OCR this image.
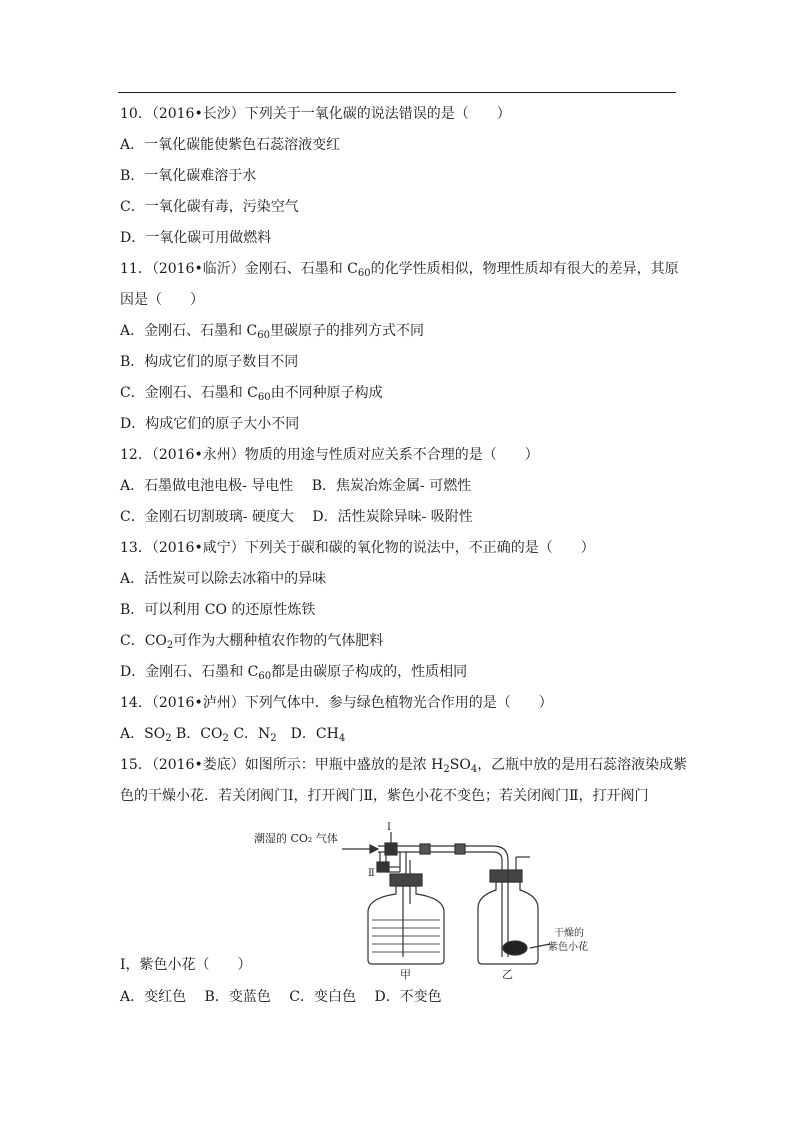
10．（2016•长沙）下列关于一氧化碳的说法错误的是（　　）
A．一氧化碳能使紫色石蕊溶液变红
B．一氧化碳难溶于水
C．一氧化碳有毒，污染空气
D．一氧化碳可用做燃料
11．（2016•临沂）金刚石、石墨和 $C_{60}$的化学性质相似，物理性质却有很大的差异，其原
因是（　　）
A．金刚石、石墨和 $C_{60}$里碳原子的排列方式不同
B．构成它们的原子数目不同
C．金刚石、石墨和 $C_{60}$由不同种原子构成
D．构成它们的原子大小不同
12．（2016•永州）物质的用途与性质对应关系不合理的是（　　）
A．石墨做电池电极- 导电性　 B．焦炭冶炼金属- 可燃性
C．金刚石切割玻璃- 硬度大　 D．活性炭除异味- 吸附性
13．（2016•咸宁）下列关于碳和碳的氧化物的说法中，不正确的是（　　）
A．活性炭可以除去冰箱中的异味
B．可以利用 CO 的还原性炼铁
C．$CO_2$可作为大棚种植农作物的气体肥料
D．金刚石、石墨和 $C_{60}$都是由碳原子构成的，性质相同
14．（2016•泸州）下列气体中．参与绿色植物光合作用的是（　　）
A．$SO_2$ B．$CO_2$ C．$N_2$　D．$CH_4$
15．（2016•娄底）如图所示：甲瓶中盛放的是浓 $H_2SO_4$，乙瓶中放的是用石蕊溶液染成紫
色的干燥小花．若关闭阀门Ⅰ，打开阀门Ⅱ，紫色小花不变色；若关闭阀门Ⅱ，打开阀门
潮湿的 CO₂ 气体
Ⅰ
Ⅱ
甲	乙
干燥的
紫色小花
Ⅰ，紫色小花（　　）
A．变红色　 B．变蓝色　 C．变白色　 D．不变色
